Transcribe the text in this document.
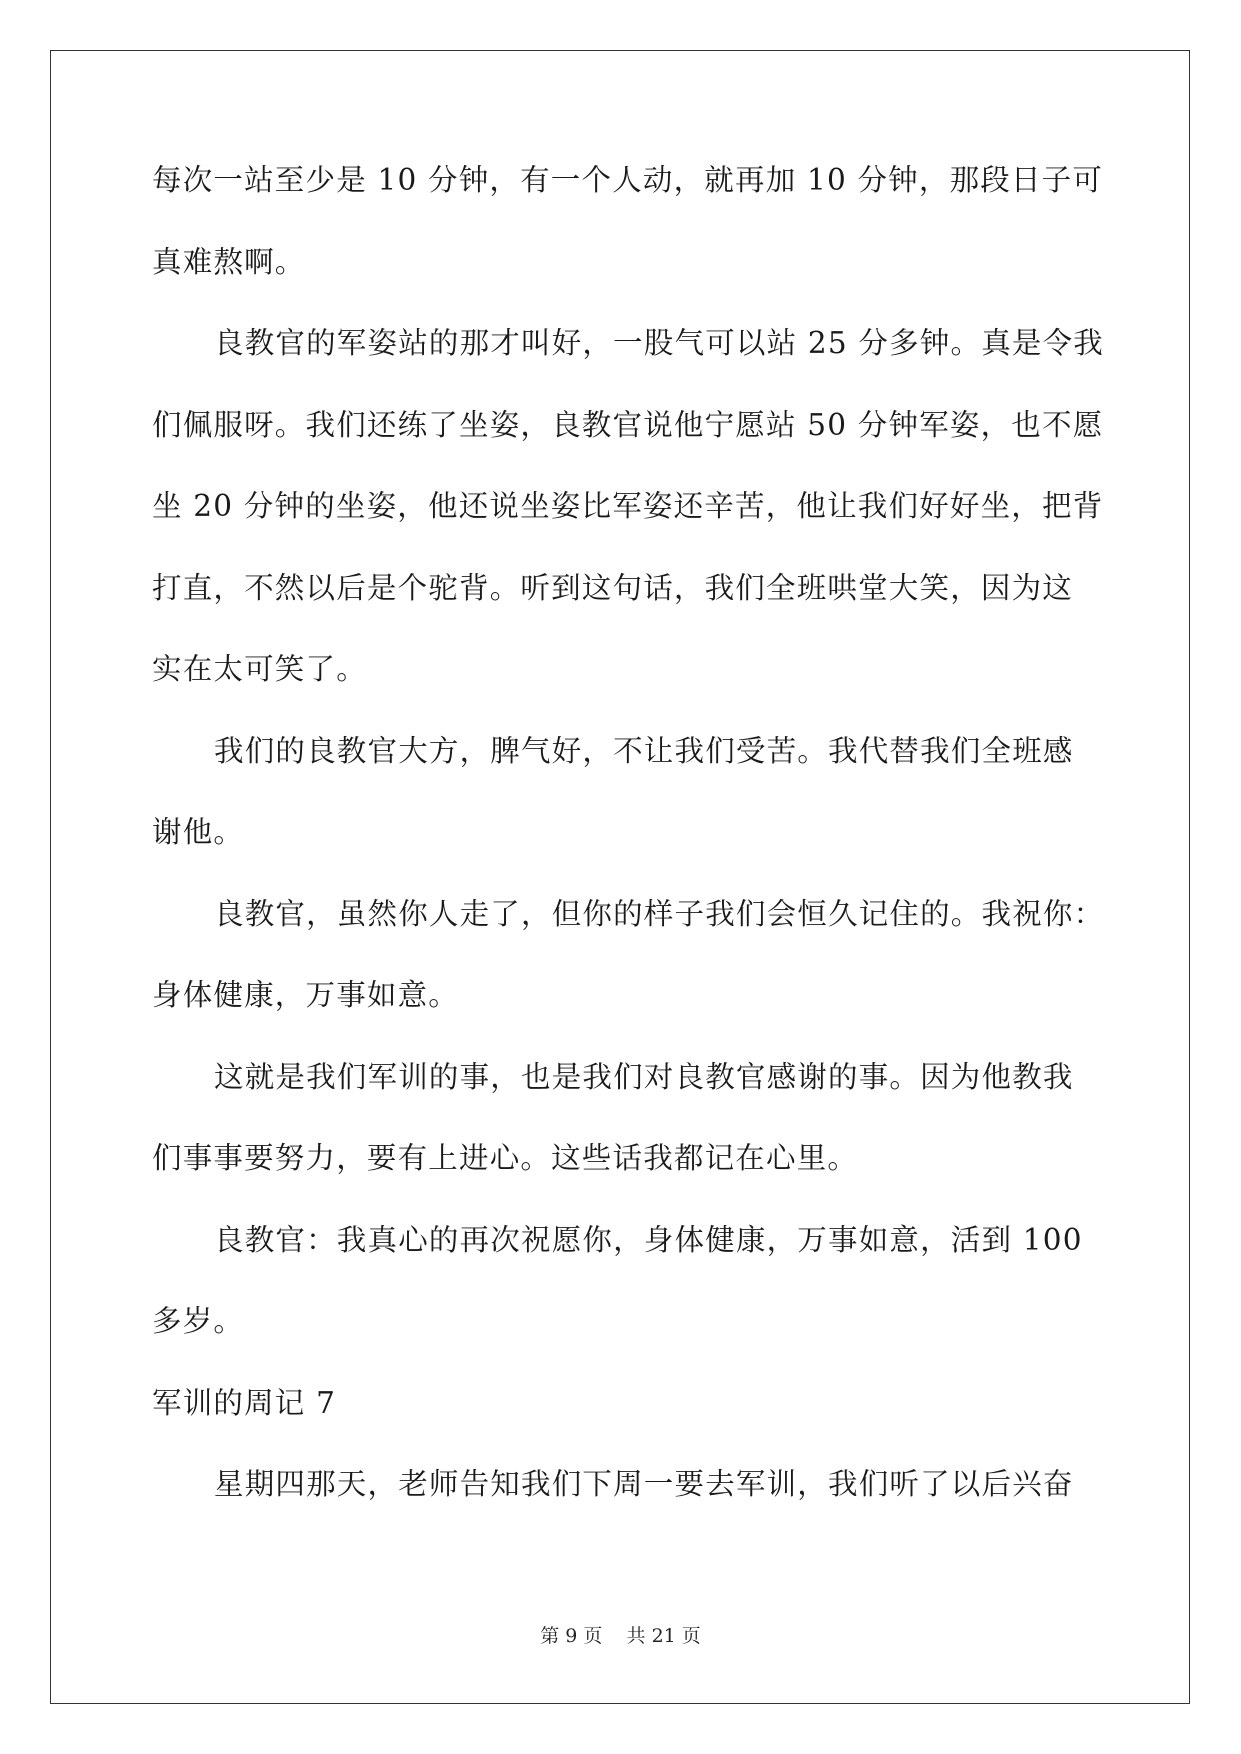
每次一站至少是 10 分钟，有一个人动，就再加 10 分钟，那段日子可
真难熬啊。
良教官的军姿站的那才叫好，一股气可以站 25 分多钟。真是令我
们佩服呀。我们还练了坐姿，良教官说他宁愿站 50 分钟军姿，也不愿
坐 20 分钟的坐姿，他还说坐姿比军姿还辛苦，他让我们好好坐，把背
打直，不然以后是个驼背。听到这句话，我们全班哄堂大笑，因为这
实在太可笑了。
我们的良教官大方，脾气好，不让我们受苦。我代替我们全班感
谢他。
良教官，虽然你人走了，但你的样子我们会恒久记住的。我祝你：
身体健康，万事如意。
这就是我们军训的事，也是我们对良教官感谢的事。因为他教我
们事事要努力，要有上进心。这些话我都记在心里。
良教官：我真心的再次祝愿你，身体健康，万事如意，活到 100
多岁。
军训的周记 7
星期四那天，老师告知我们下周一要去军训，我们听了以后兴奋
第 9 页    共 21 页
